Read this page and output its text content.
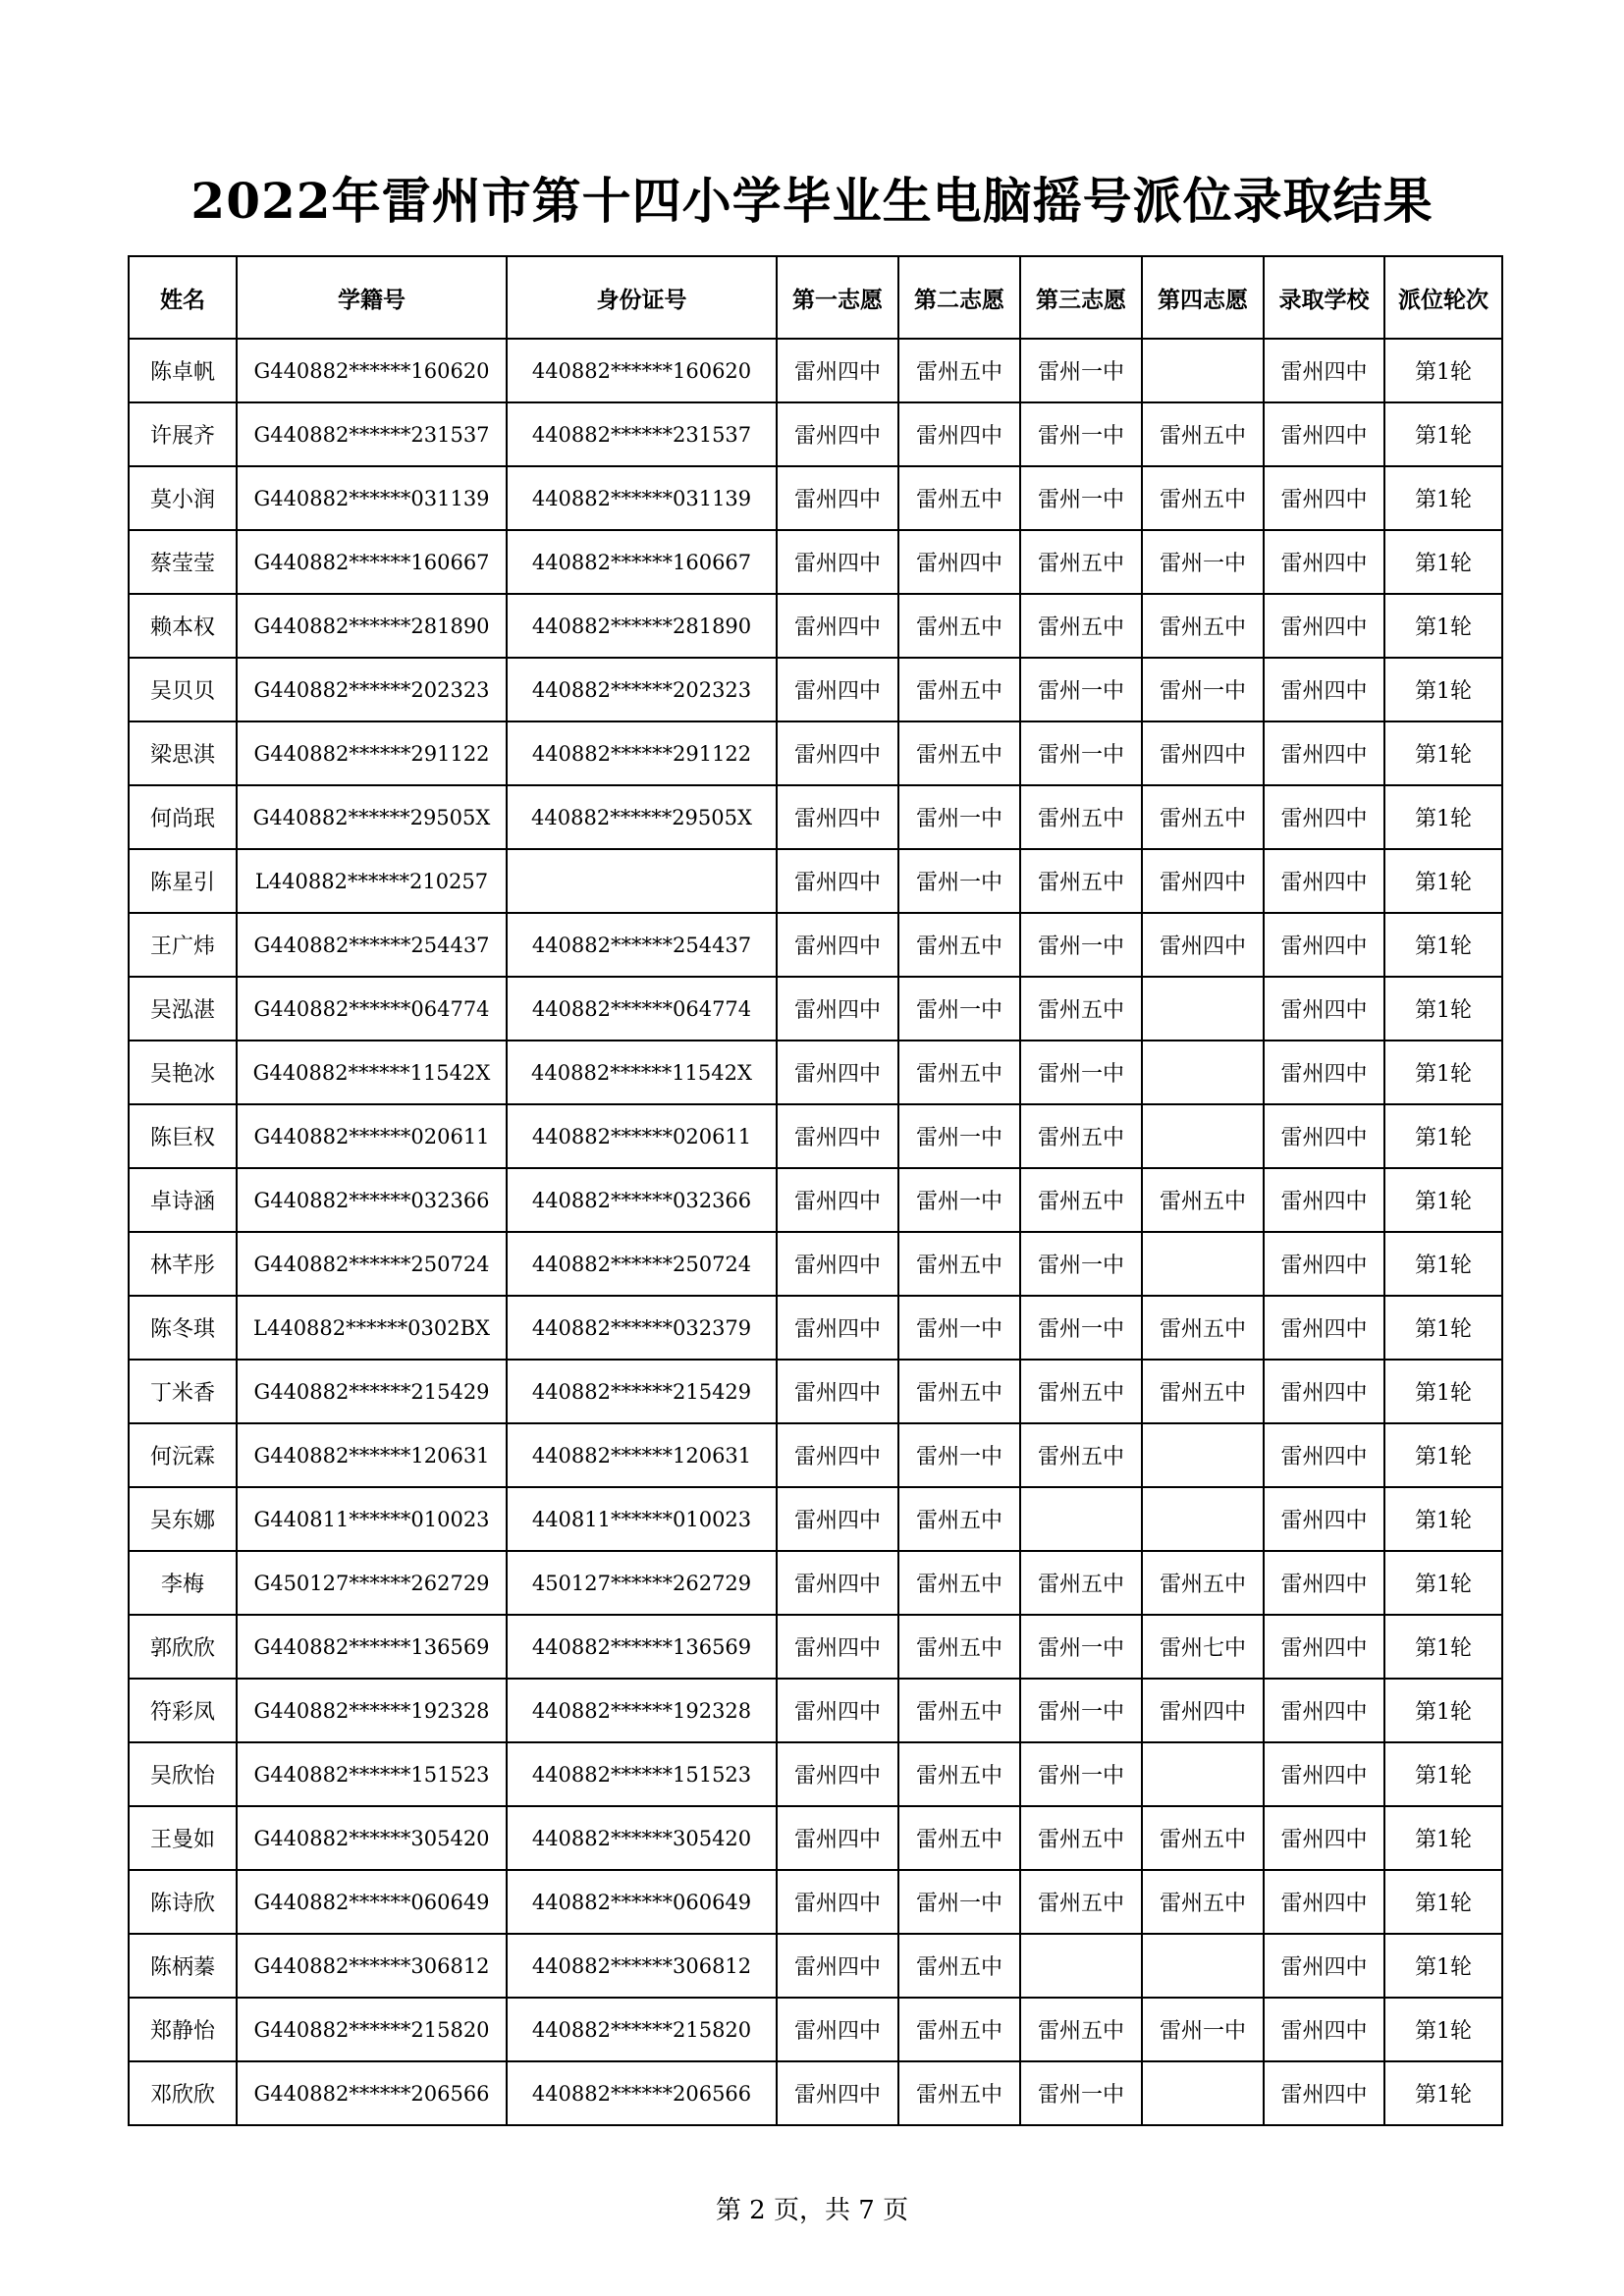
2022年雷州市第十四小学毕业生电脑摇号派位录取结果
姓名	学籍号	身份证号	第一志愿	第二志愿	第三志愿	第四志愿	录取学校	派位轮次
陈卓帆	G440882******160620	440882******160620	雷州四中	雷州五中	雷州一中		雷州四中	第1轮
许展齐	G440882******231537	440882******231537	雷州四中	雷州四中	雷州一中	雷州五中	雷州四中	第1轮
莫小润	G440882******031139	440882******031139	雷州四中	雷州五中	雷州一中	雷州五中	雷州四中	第1轮
蔡莹莹	G440882******160667	440882******160667	雷州四中	雷州四中	雷州五中	雷州一中	雷州四中	第1轮
赖本权	G440882******281890	440882******281890	雷州四中	雷州五中	雷州五中	雷州五中	雷州四中	第1轮
吴贝贝	G440882******202323	440882******202323	雷州四中	雷州五中	雷州一中	雷州一中	雷州四中	第1轮
梁思淇	G440882******291122	440882******291122	雷州四中	雷州五中	雷州一中	雷州四中	雷州四中	第1轮
何尚珉	G440882******29505X	440882******29505X	雷州四中	雷州一中	雷州五中	雷州五中	雷州四中	第1轮
陈星引	L440882******210257		雷州四中	雷州一中	雷州五中	雷州四中	雷州四中	第1轮
王广炜	G440882******254437	440882******254437	雷州四中	雷州五中	雷州一中	雷州四中	雷州四中	第1轮
吴泓湛	G440882******064774	440882******064774	雷州四中	雷州一中	雷州五中		雷州四中	第1轮
吴艳冰	G440882******11542X	440882******11542X	雷州四中	雷州五中	雷州一中		雷州四中	第1轮
陈巨权	G440882******020611	440882******020611	雷州四中	雷州一中	雷州五中		雷州四中	第1轮
卓诗涵	G440882******032366	440882******032366	雷州四中	雷州一中	雷州五中	雷州五中	雷州四中	第1轮
林芊彤	G440882******250724	440882******250724	雷州四中	雷州五中	雷州一中		雷州四中	第1轮
陈冬琪	L440882******0302BX	440882******032379	雷州四中	雷州一中	雷州一中	雷州五中	雷州四中	第1轮
丁米香	G440882******215429	440882******215429	雷州四中	雷州五中	雷州五中	雷州五中	雷州四中	第1轮
何沅霖	G440882******120631	440882******120631	雷州四中	雷州一中	雷州五中		雷州四中	第1轮
吴东娜	G440811******010023	440811******010023	雷州四中	雷州五中			雷州四中	第1轮
李梅	G450127******262729	450127******262729	雷州四中	雷州五中	雷州五中	雷州五中	雷州四中	第1轮
郭欣欣	G440882******136569	440882******136569	雷州四中	雷州五中	雷州一中	雷州七中	雷州四中	第1轮
符彩凤	G440882******192328	440882******192328	雷州四中	雷州五中	雷州一中	雷州四中	雷州四中	第1轮
吴欣怡	G440882******151523	440882******151523	雷州四中	雷州五中	雷州一中		雷州四中	第1轮
王曼如	G440882******305420	440882******305420	雷州四中	雷州五中	雷州五中	雷州五中	雷州四中	第1轮
陈诗欣	G440882******060649	440882******060649	雷州四中	雷州一中	雷州五中	雷州五中	雷州四中	第1轮
陈柄蓁	G440882******306812	440882******306812	雷州四中	雷州五中			雷州四中	第1轮
郑静怡	G440882******215820	440882******215820	雷州四中	雷州五中	雷州五中	雷州一中	雷州四中	第1轮
邓欣欣	G440882******206566	440882******206566	雷州四中	雷州五中	雷州一中		雷州四中	第1轮
第 2 页，共 7 页
